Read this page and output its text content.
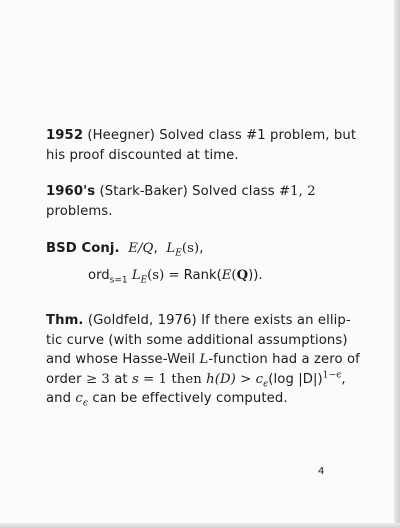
1952 (Heegner) Solved class #1 problem, but
his proof discounted at time.
1960's (Stark-Baker) Solved class #1, 2
problems.
BSD Conj. E/Q,  $L_E(s)$,
ord$_{s=1}$ $L_E(s)$ = Rank(E(Q)).
Thm. (Goldfeld, 1976) If there exists an ellip-
tic curve (with some additional assumptions)
and whose Hasse-Weil L-function had a zero of
order ≥ 3 at s = 1 then $h(D) > c_\epsilon(\log$ |D|)$^{1-\epsilon}$,
and $c_\epsilon$ can be effectively computed.
4
